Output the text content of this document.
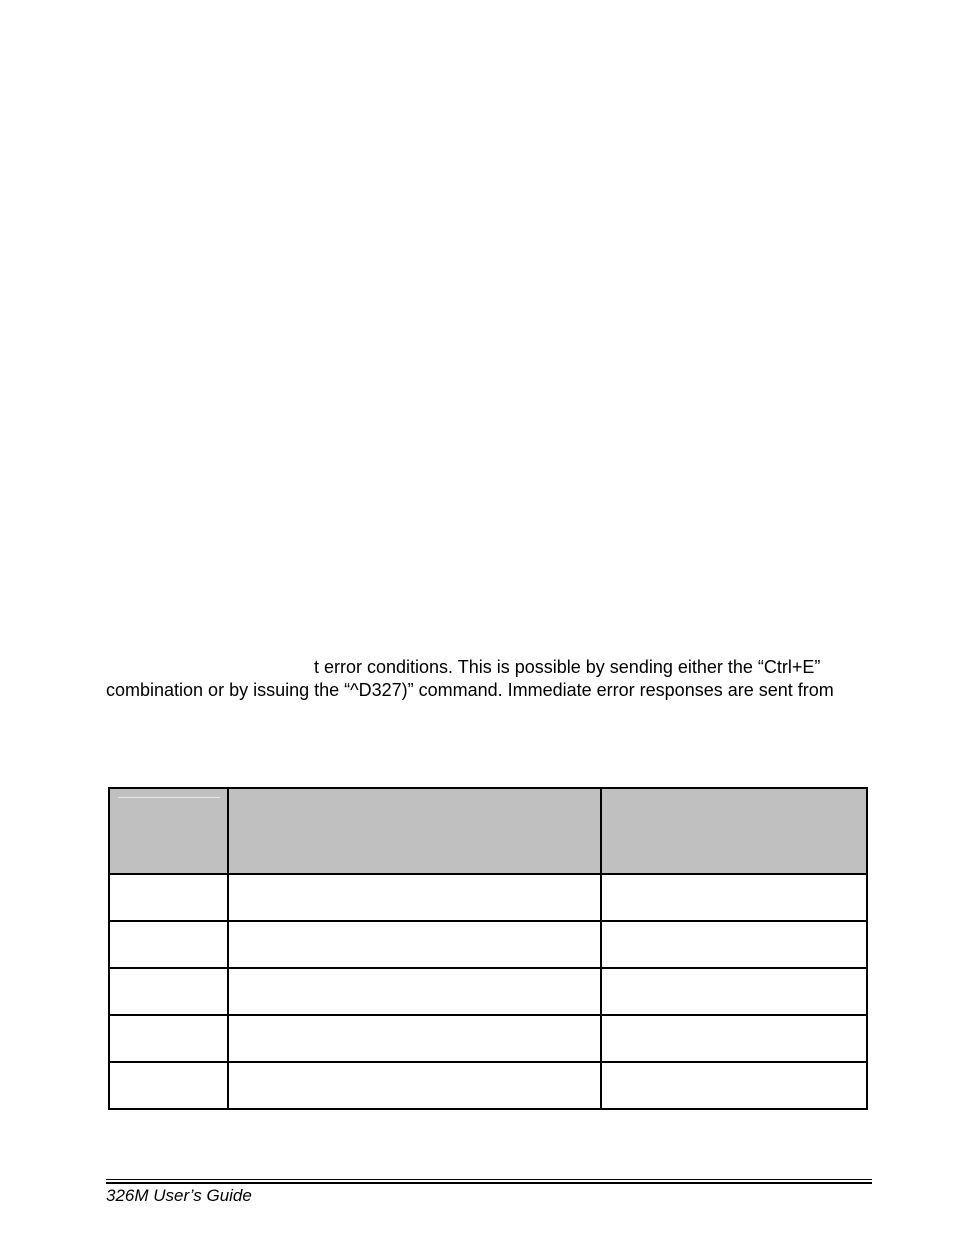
t error conditions. This is possible by sending either the “Ctrl+E”
combination or by issuing the “^D327)” command. Immediate error responses are sent from

326M User’s Guide
